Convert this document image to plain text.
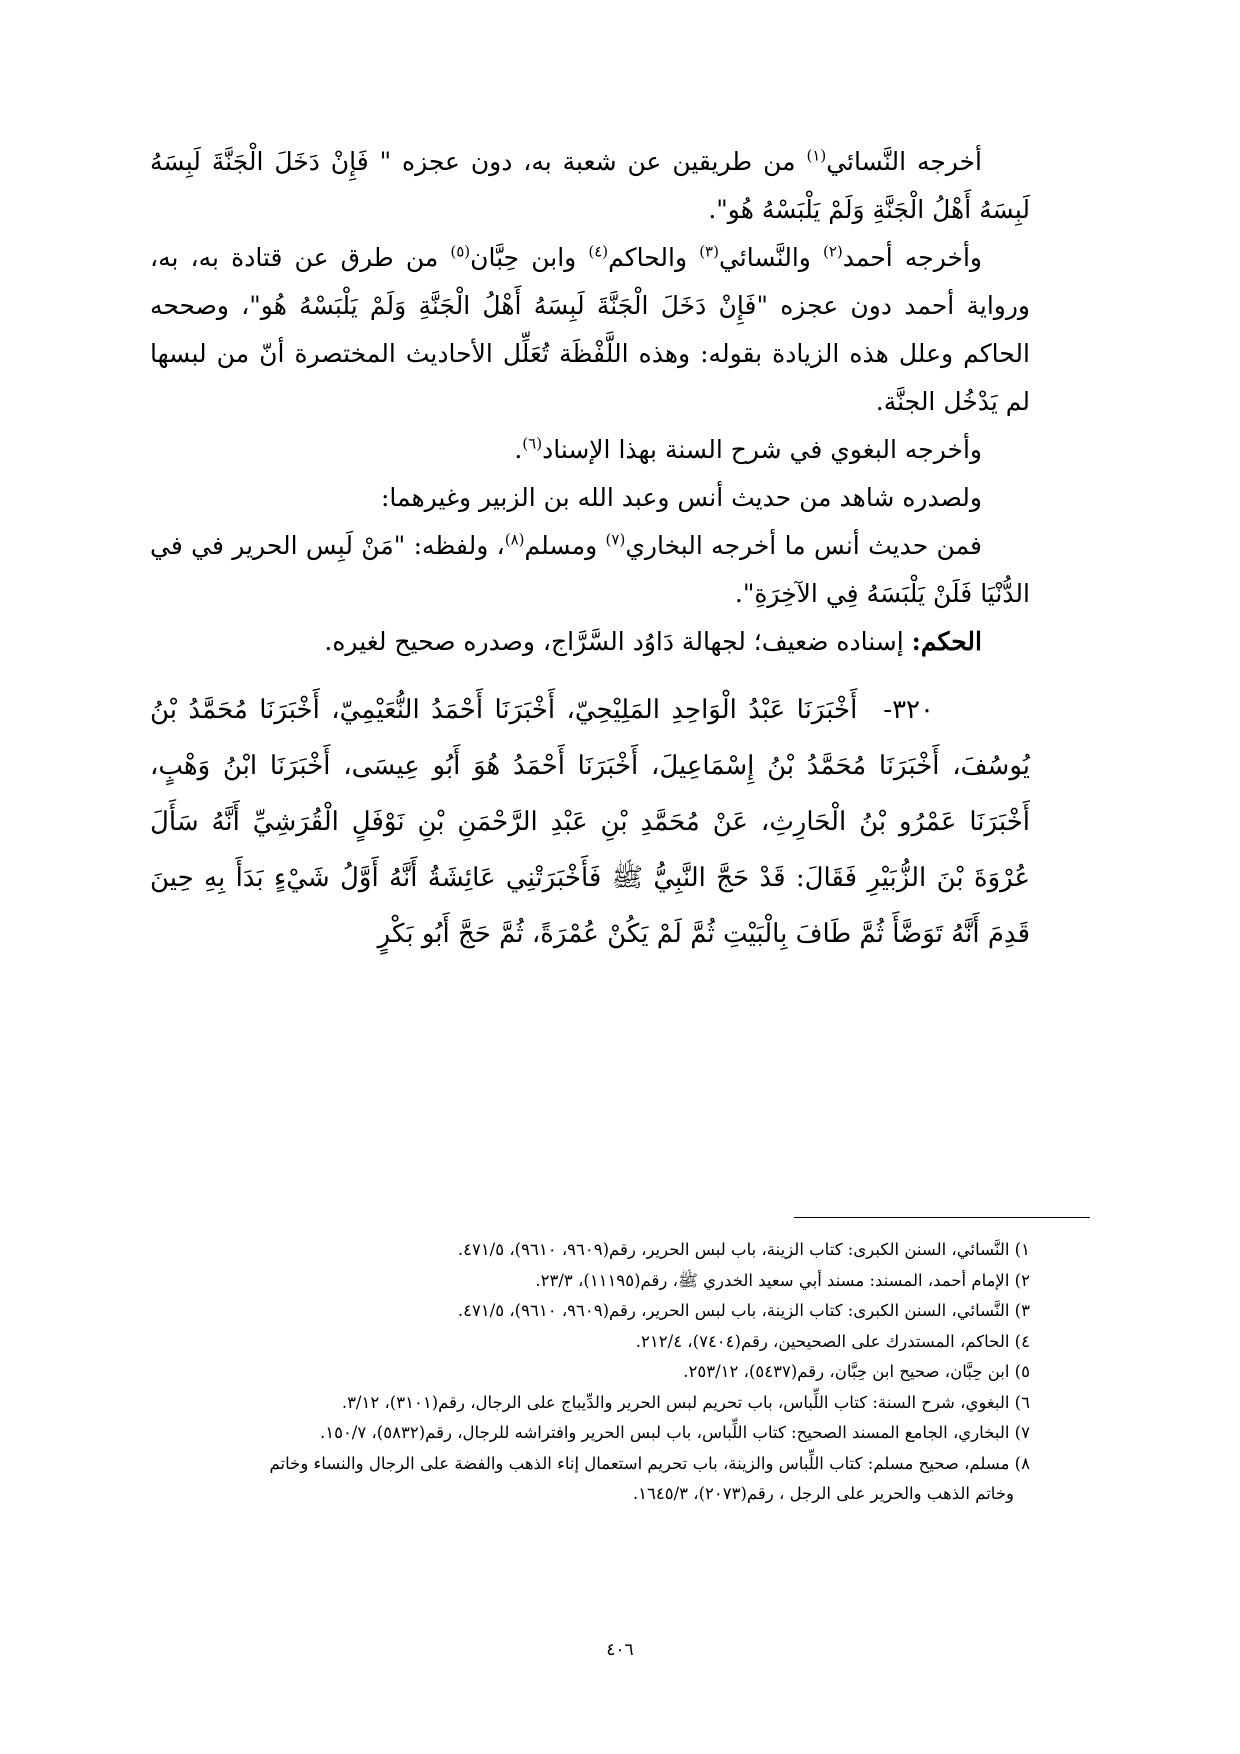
أخرجه النَّسائي$^{(١)}$ من طريقين عن شعبة به، دون عجزه " فَإِنْ دَخَلَ الْجَنَّةَ لَبِسَهُ لَبِسَهُ أَهْلُ الْجَنَّةِ وَلَمْ يَلْبَسْهُ هُو".

وأخرجه أحمد$^{(٢)}$ والنَّسائي$^{(٣)}$ والحاكم$^{(٤)}$ وابن حِبَّان$^{(٥)}$ من طرق عن قتادة به، به، ورواية أحمد دون عجزه "فَإِنْ دَخَلَ الْجَنَّةَ لَبِسَهُ أَهْلُ الْجَنَّةِ وَلَمْ يَلْبَسْهُ هُو"، وصححه الحاكم وعلل هذه الزيادة بقوله: وهذه اللَّفْظَة تُعَلِّل الأحاديث المختصرة أنّ من لبسها لم يَدْخُل الجنَّة.

وأخرجه البغوي في شرح السنة بهذا الإسناد$^{(٦)}$.

ولصدره شاهد من حديث أنس وعبد الله بن الزبير وغيرهما:

فمن حديث أنس ما أخرجه البخاري$^{(٧)}$ ومسلم$^{(٨)}$، ولفظه: "مَنْ لَبِس الحرير في في الدُّنْيَا فَلَنْ يَلْبَسَهُ فِي الآخِرَةِ".

الحكم: إسناده ضعيف؛ لجهالة دَاوُد السَّرَّاج، وصدره صحيح لغيره.

٣٢٠-أَخْبَرَنَا عَبْدُ الْوَاحِدِ المَلِيْحِيّ، أَخْبَرَنَا أَحْمَدُ النُّعَيْمِيّ، أَخْبَرَنَا مُحَمَّدُ بْنُ يُوسُفَ، أَخْبَرَنَا مُحَمَّدُ بْنُ إِسْمَاعِيلَ، أَخْبَرَنَا أَحْمَدُ هُوَ أَبُو عِيسَى، أَخْبَرَنَا ابْنُ وَهْبٍ، أَخْبَرَنَا عَمْرُو بْنُ الْحَارِثِ، عَنْ مُحَمَّدِ بْنِ عَبْدِ الرَّحْمَنِ بْنِ نَوْفَلٍ الْقُرَشِيِّ أَنَّهُ سَأَلَ عُرْوَةَ بْنَ الزُّبَيْرِ فَقَالَ: قَدْ حَجَّ النَّبِيُّ ﷺ فَأَخْبَرَتْنِي عَائِشَةُ أَنَّهُ أَوَّلُ شَيْءٍ بَدَأَ بِهِ حِينَ قَدِمَ أَنَّهُ تَوَضَّأَ ثُمَّ طَافَ بِالْبَيْتِ ثُمَّ لَمْ يَكُنْ عُمْرَةً، ثُمَّ حَجَّ أَبُو بَكْرٍ

١) النَّسائي، السنن الكبرى: كتاب الزينة، باب لبس الحرير، رقم(٩٦٠٩، ٩٦١٠)، ٤٧١/٥.
٢) الإمام أحمد، المسند: مسند أبي سعيد الخدري ﷺ، رقم(١١١٩٥)، ٢٣/٣.
٣) النَّسائي، السنن الكبرى: كتاب الزينة، باب لبس الحرير، رقم(٩٦٠٩، ٩٦١٠)، ٤٧١/٥.
٤) الحاكم، المستدرك على الصحيحين، رقم(٧٤٠٤)، ٢١٢/٤.
٥) ابن حِبَّان، صحيح ابن حِبَّان، رقم(٥٤٣٧)، ٢٥٣/١٢.
٦) البغوي، شرح السنة: كتاب اللِّباس، باب تحريم لبس الحرير والدِّيباج على الرجال، رقم(٣١٠١)، ٣/١٢.
٧) البخاري، الجامع المسند الصحيح: كتاب اللِّباس، باب لبس الحرير وافتراشه للرجال، رقم(٥٨٣٢)، ١٥٠/٧.
٨) مسلم، صحيح مسلم: كتاب اللِّباس والزينة، باب تحريم استعمال إناء الذهب والفضة على الرجال والنساء وخاتم
وخاتم الذهب والحرير على الرجل ، رقم(٢٠٧٣)، ١٦٤٥/٣.
٤٠٦
